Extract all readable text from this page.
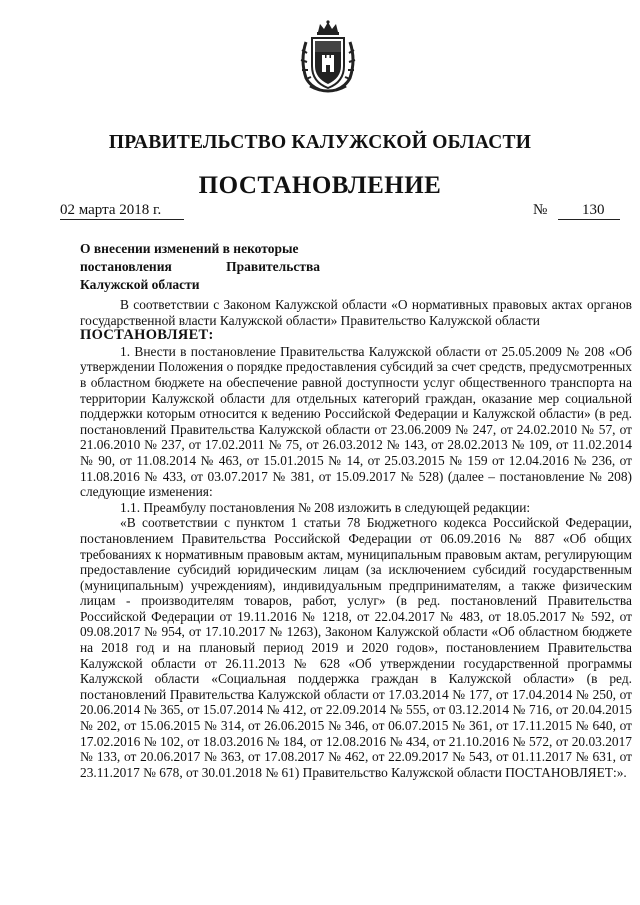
ПРАВИТЕЛЬСТВО КАЛУЖСКОЙ ОБЛАСТИ
ПОСТАНОВЛЕНИЕ
02 марта 2018 г.	№ 130
О внесении изменений в некоторые
постановления	Правительства
Калужской области

В соответствии с Законом Калужской области «О нормативных правовых актах органов государственной власти Калужской области» Правительство Калужской области

ПОСТАНОВЛЯЕТ:

1. Внести в постановление Правительства Калужской области от 25.05.2009 № 208 «Об утверждении Положения о порядке предоставления субсидий за счет средств, предусмотренных в областном бюджете на обеспечение равной доступности услуг общественного транспорта на территории Калужской области для отдельных категорий граждан, оказание мер социальной поддержки которым относится к ведению Российской Федерации и Калужской области» (в ред. постановлений Правительства Калужской области от 23.06.2009 № 247, от 24.02.2010 № 57, от 21.06.2010 № 237, от 17.02.2011 № 75, от 26.03.2012 № 143, от 28.02.2013 № 109, от 11.02.2014 № 90, от 11.08.2014 № 463, от 15.01.2015 № 14, от 25.03.2015 № 159 от 12.04.2016 № 236, от 11.08.2016 № 433, от 03.07.2017 № 381, от 15.09.2017 № 528) (далее – постановление № 208) следующие изменения:

1.1. Преамбулу постановления № 208 изложить в следующей редакции:

«В соответствии с пунктом 1 статьи 78 Бюджетного кодекса Российской Федерации, постановлением Правительства Российской Федерации от 06.09.2016 № 887 «Об общих требованиях к нормативным правовым актам, муниципальным правовым актам, регулирующим предоставление субсидий юридическим лицам (за исключением субсидий государственным (муниципальным) учреждениям), индивидуальным предпринимателям, а также физическим лицам - производителям товаров, работ, услуг» (в ред. постановлений Правительства Российской Федерации от 19.11.2016 № 1218, от 22.04.2017 № 483, от 18.05.2017 № 592, от 09.08.2017 № 954, от 17.10.2017 № 1263), Законом Калужской области «Об областном бюджете на 2018 год и на плановый период 2019 и 2020 годов», постановлением Правительства Калужской области от 26.11.2013 № 628 «Об утверждении государственной программы Калужской области «Социальная поддержка граждан в Калужской области» (в ред. постановлений Правительства Калужской области от 17.03.2014 № 177, от 17.04.2014 № 250, от 20.06.2014 № 365, от 15.07.2014 № 412, от 22.09.2014 № 555, от 03.12.2014 № 716, от 20.04.2015 № 202, от 15.06.2015 № 314, от 26.06.2015 № 346, от 06.07.2015 № 361, от 17.11.2015 № 640, от 17.02.2016 № 102, от 18.03.2016 № 184, от 12.08.2016 № 434, от 21.10.2016 № 572, от 20.03.2017 № 133, от 20.06.2017 № 363, от 17.08.2017 № 462, от 22.09.2017 № 543, от 01.11.2017 № 631, от 23.11.2017 № 678, от 30.01.2018 № 61) Правительство Калужской области ПОСТАНОВЛЯЕТ:».
